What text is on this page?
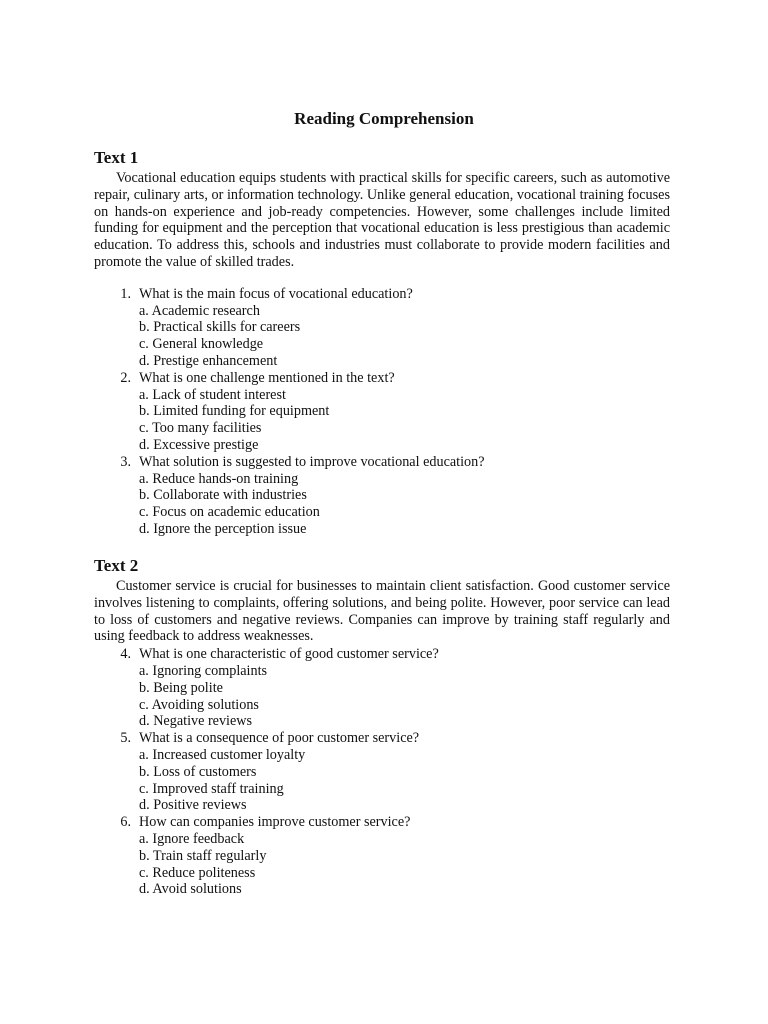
Reading Comprehension
Text 1

Vocational education equips students with practical skills for specific careers, such as automotive repair, culinary arts, or information technology. Unlike general education, vocational training focuses on hands-on experience and job-ready competencies. However, some challenges include limited funding for equipment and the perception that vocational education is less prestigious than academic education. To address this, schools and industries must collaborate to provide modern facilities and promote the value of skilled trades.

1. What is the main focus of vocational education?
a. Academic research
b. Practical skills for careers
c. General knowledge
d. Prestige enhancement
2. What is one challenge mentioned in the text?
a. Lack of student interest
b. Limited funding for equipment
c. Too many facilities
d. Excessive prestige
3. What solution is suggested to improve vocational education?
a. Reduce hands-on training
b. Collaborate with industries
c. Focus on academic education
d. Ignore the perception issue
Text 2

Customer service is crucial for businesses to maintain client satisfaction. Good customer service involves listening to complaints, offering solutions, and being polite. However, poor service can lead to loss of customers and negative reviews. Companies can improve by training staff regularly and using feedback to address weaknesses.

4. What is one characteristic of good customer service?
a. Ignoring complaints
b. Being polite
c. Avoiding solutions
d. Negative reviews
5. What is a consequence of poor customer service?
a. Increased customer loyalty
b. Loss of customers
c. Improved staff training
d. Positive reviews
6. How can companies improve customer service?
a. Ignore feedback
b. Train staff regularly
c. Reduce politeness
d. Avoid solutions
